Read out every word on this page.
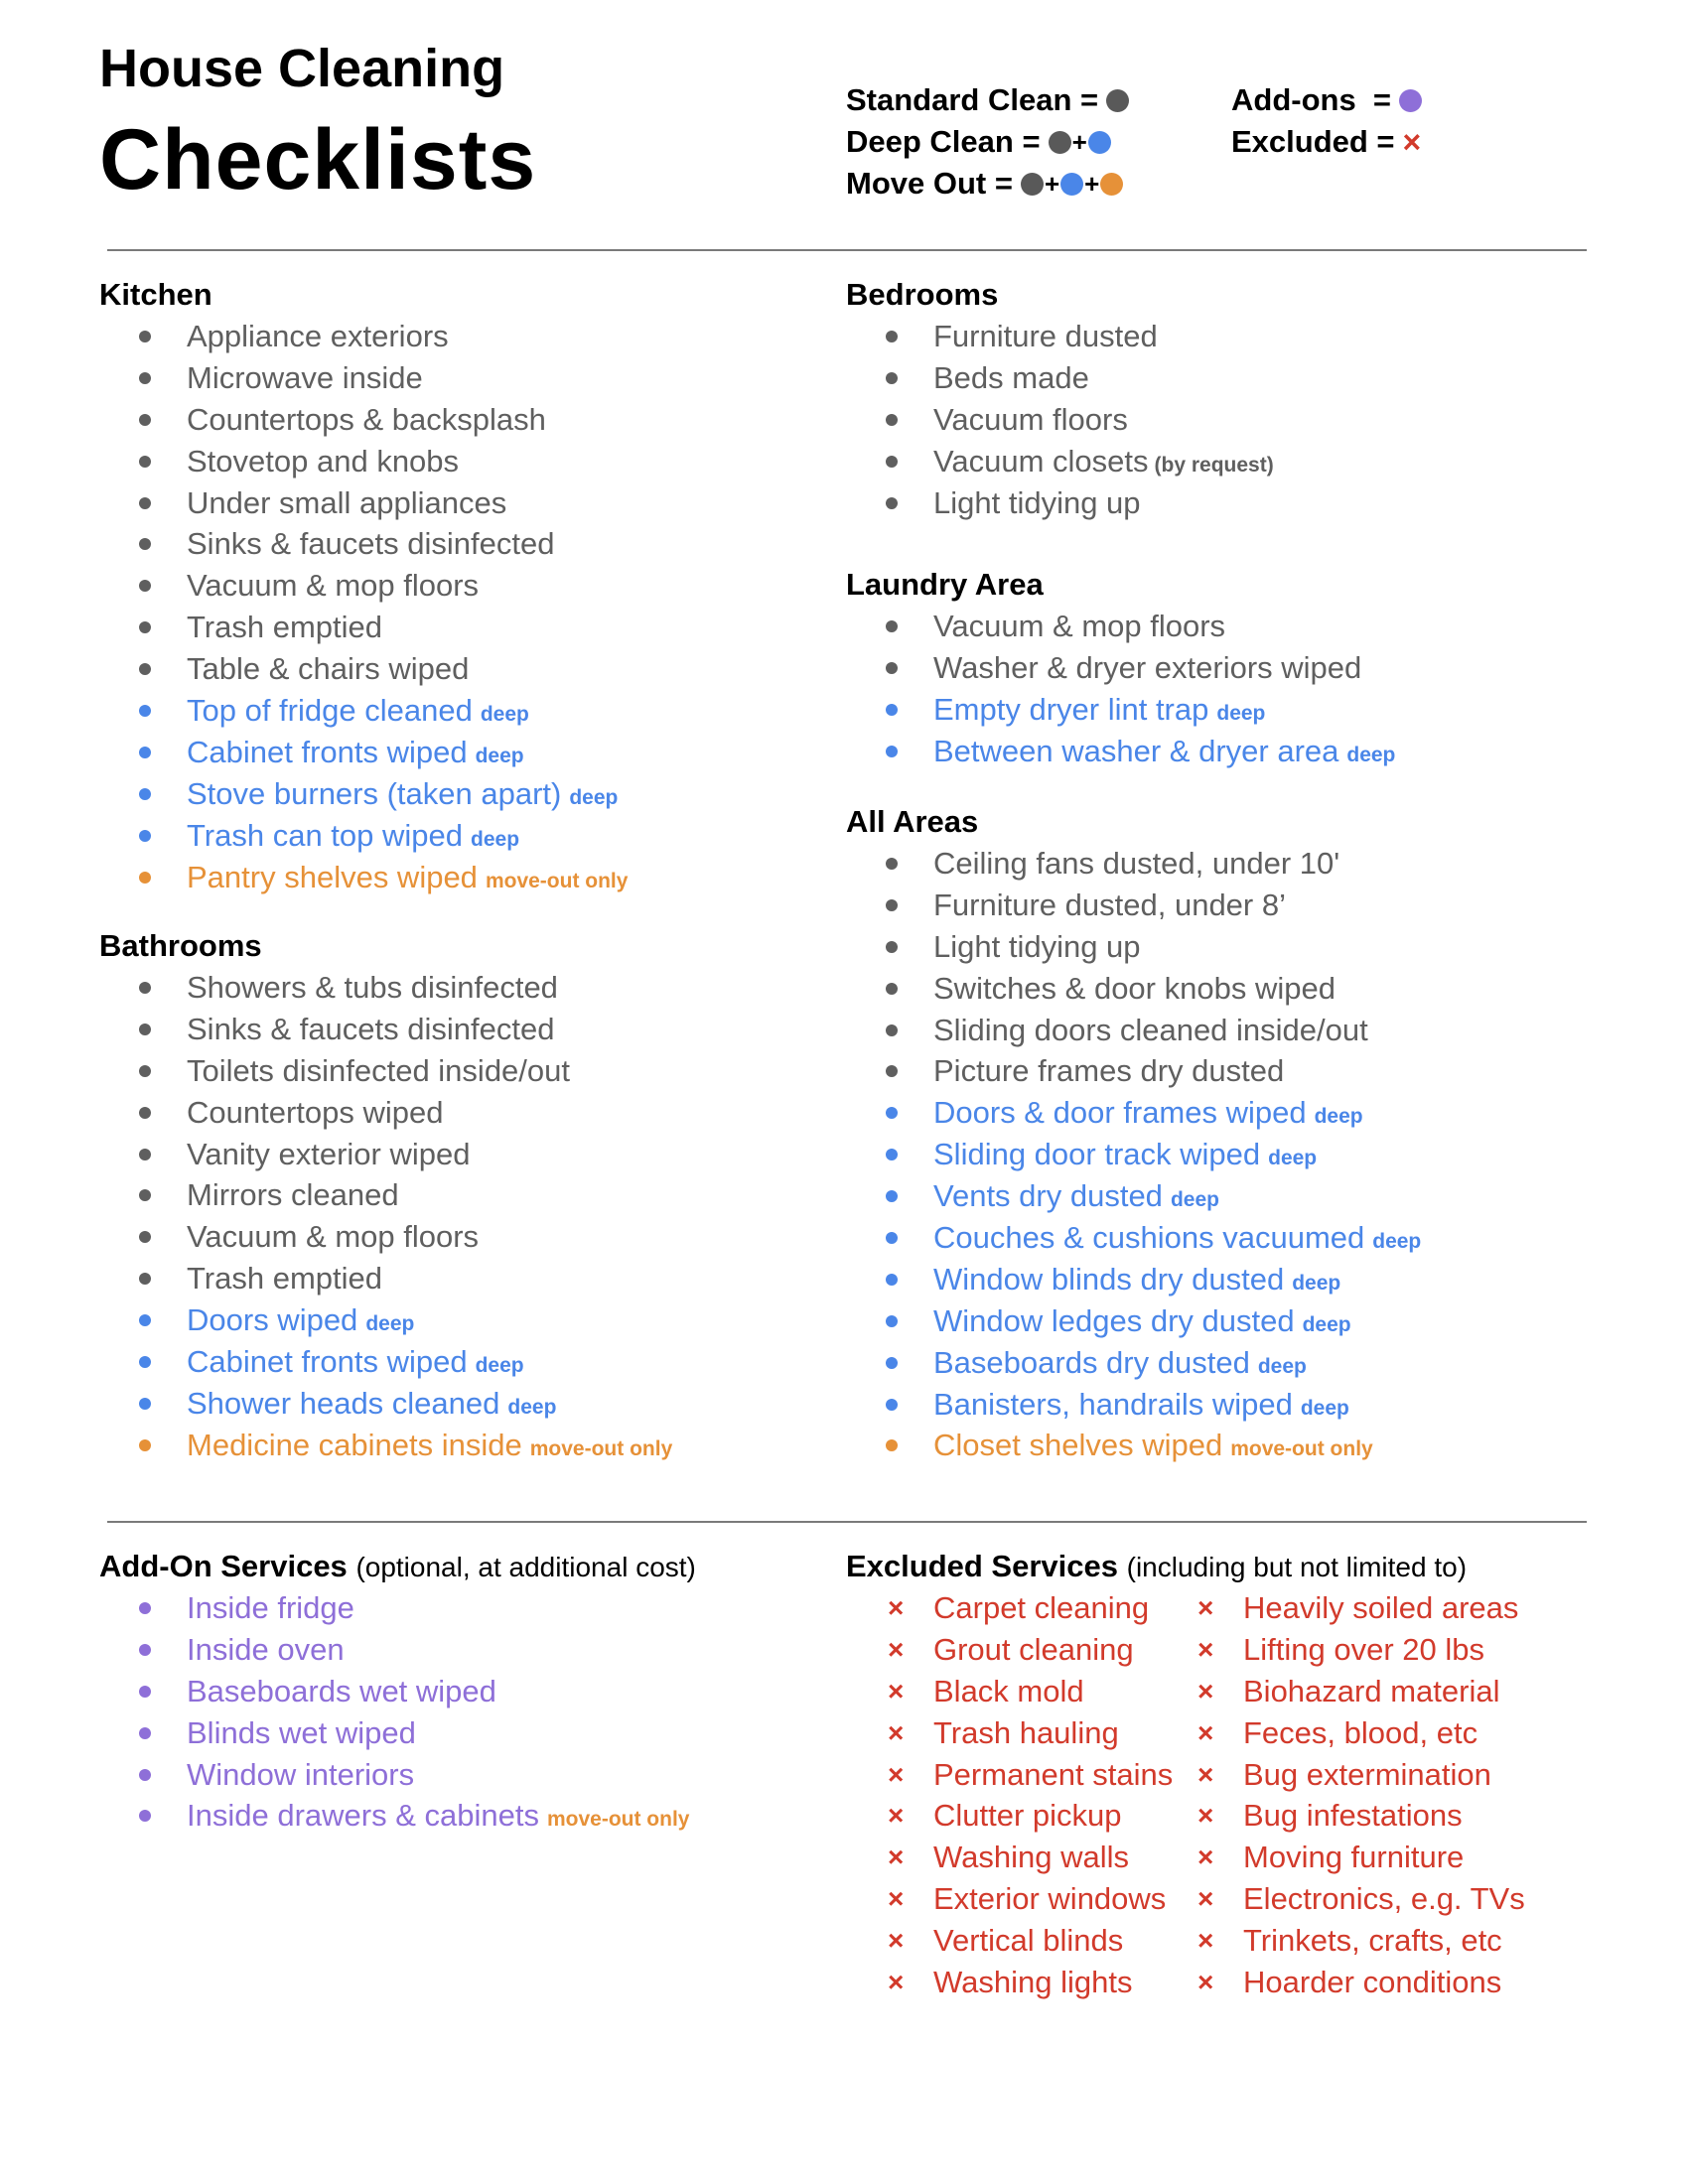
House Cleaning
Checklists
Standard Clean =
Deep Clean = +
Move Out = + +
Add-ons  =
Excluded = ×
Kitchen
Appliance exteriors
Microwave inside
Countertops & backsplash
Stovetop and knobs
Under small appliances
Sinks & faucets disinfected
Vacuum & mop floors
Trash emptied
Table & chairs wiped
Top of fridge cleaned deep
Cabinet fronts wiped deep
Stove burners (taken apart) deep
Trash can top wiped deep
Pantry shelves wiped move-out only
Bathrooms
Showers & tubs disinfected
Sinks & faucets disinfected
Toilets disinfected inside/out
Countertops wiped
Vanity exterior wiped
Mirrors cleaned
Vacuum & mop floors
Trash emptied
Doors wiped deep
Cabinet fronts wiped deep
Shower heads cleaned deep
Medicine cabinets inside move-out only
Bedrooms
Furniture dusted
Beds made
Vacuum floors
Vacuum closets (by request)
Light tidying up
Laundry Area
Vacuum & mop floors
Washer & dryer exteriors wiped
Empty dryer lint trap deep
Between washer & dryer area deep
All Areas
Ceiling fans dusted, under 10'
Furniture dusted, under 8’
Light tidying up
Switches & door knobs wiped
Sliding doors cleaned inside/out
Picture frames dry dusted
Doors & door frames wiped deep
Sliding door track wiped deep
Vents dry dusted deep
Couches & cushions vacuumed deep
Window blinds dry dusted deep
Window ledges dry dusted deep
Baseboards dry dusted deep
Banisters, handrails wiped deep
Closet shelves wiped move-out only
Add-On Services (optional, at additional cost)
Inside fridge
Inside oven
Baseboards wet wiped
Blinds wet wiped
Window interiors
Inside drawers & cabinets move-out only
Excluded Services (including but not limited to)
× Carpet cleaning
× Grout cleaning
× Black mold
× Trash hauling
× Permanent stains
× Clutter pickup
× Washing walls
× Exterior windows
× Vertical blinds
× Washing lights
× Heavily soiled areas
× Lifting over 20 lbs
× Biohazard material
× Feces, blood, etc
× Bug extermination
× Bug infestations
× Moving furniture
× Electronics, e.g. TVs
× Trinkets, crafts, etc
× Hoarder conditions
